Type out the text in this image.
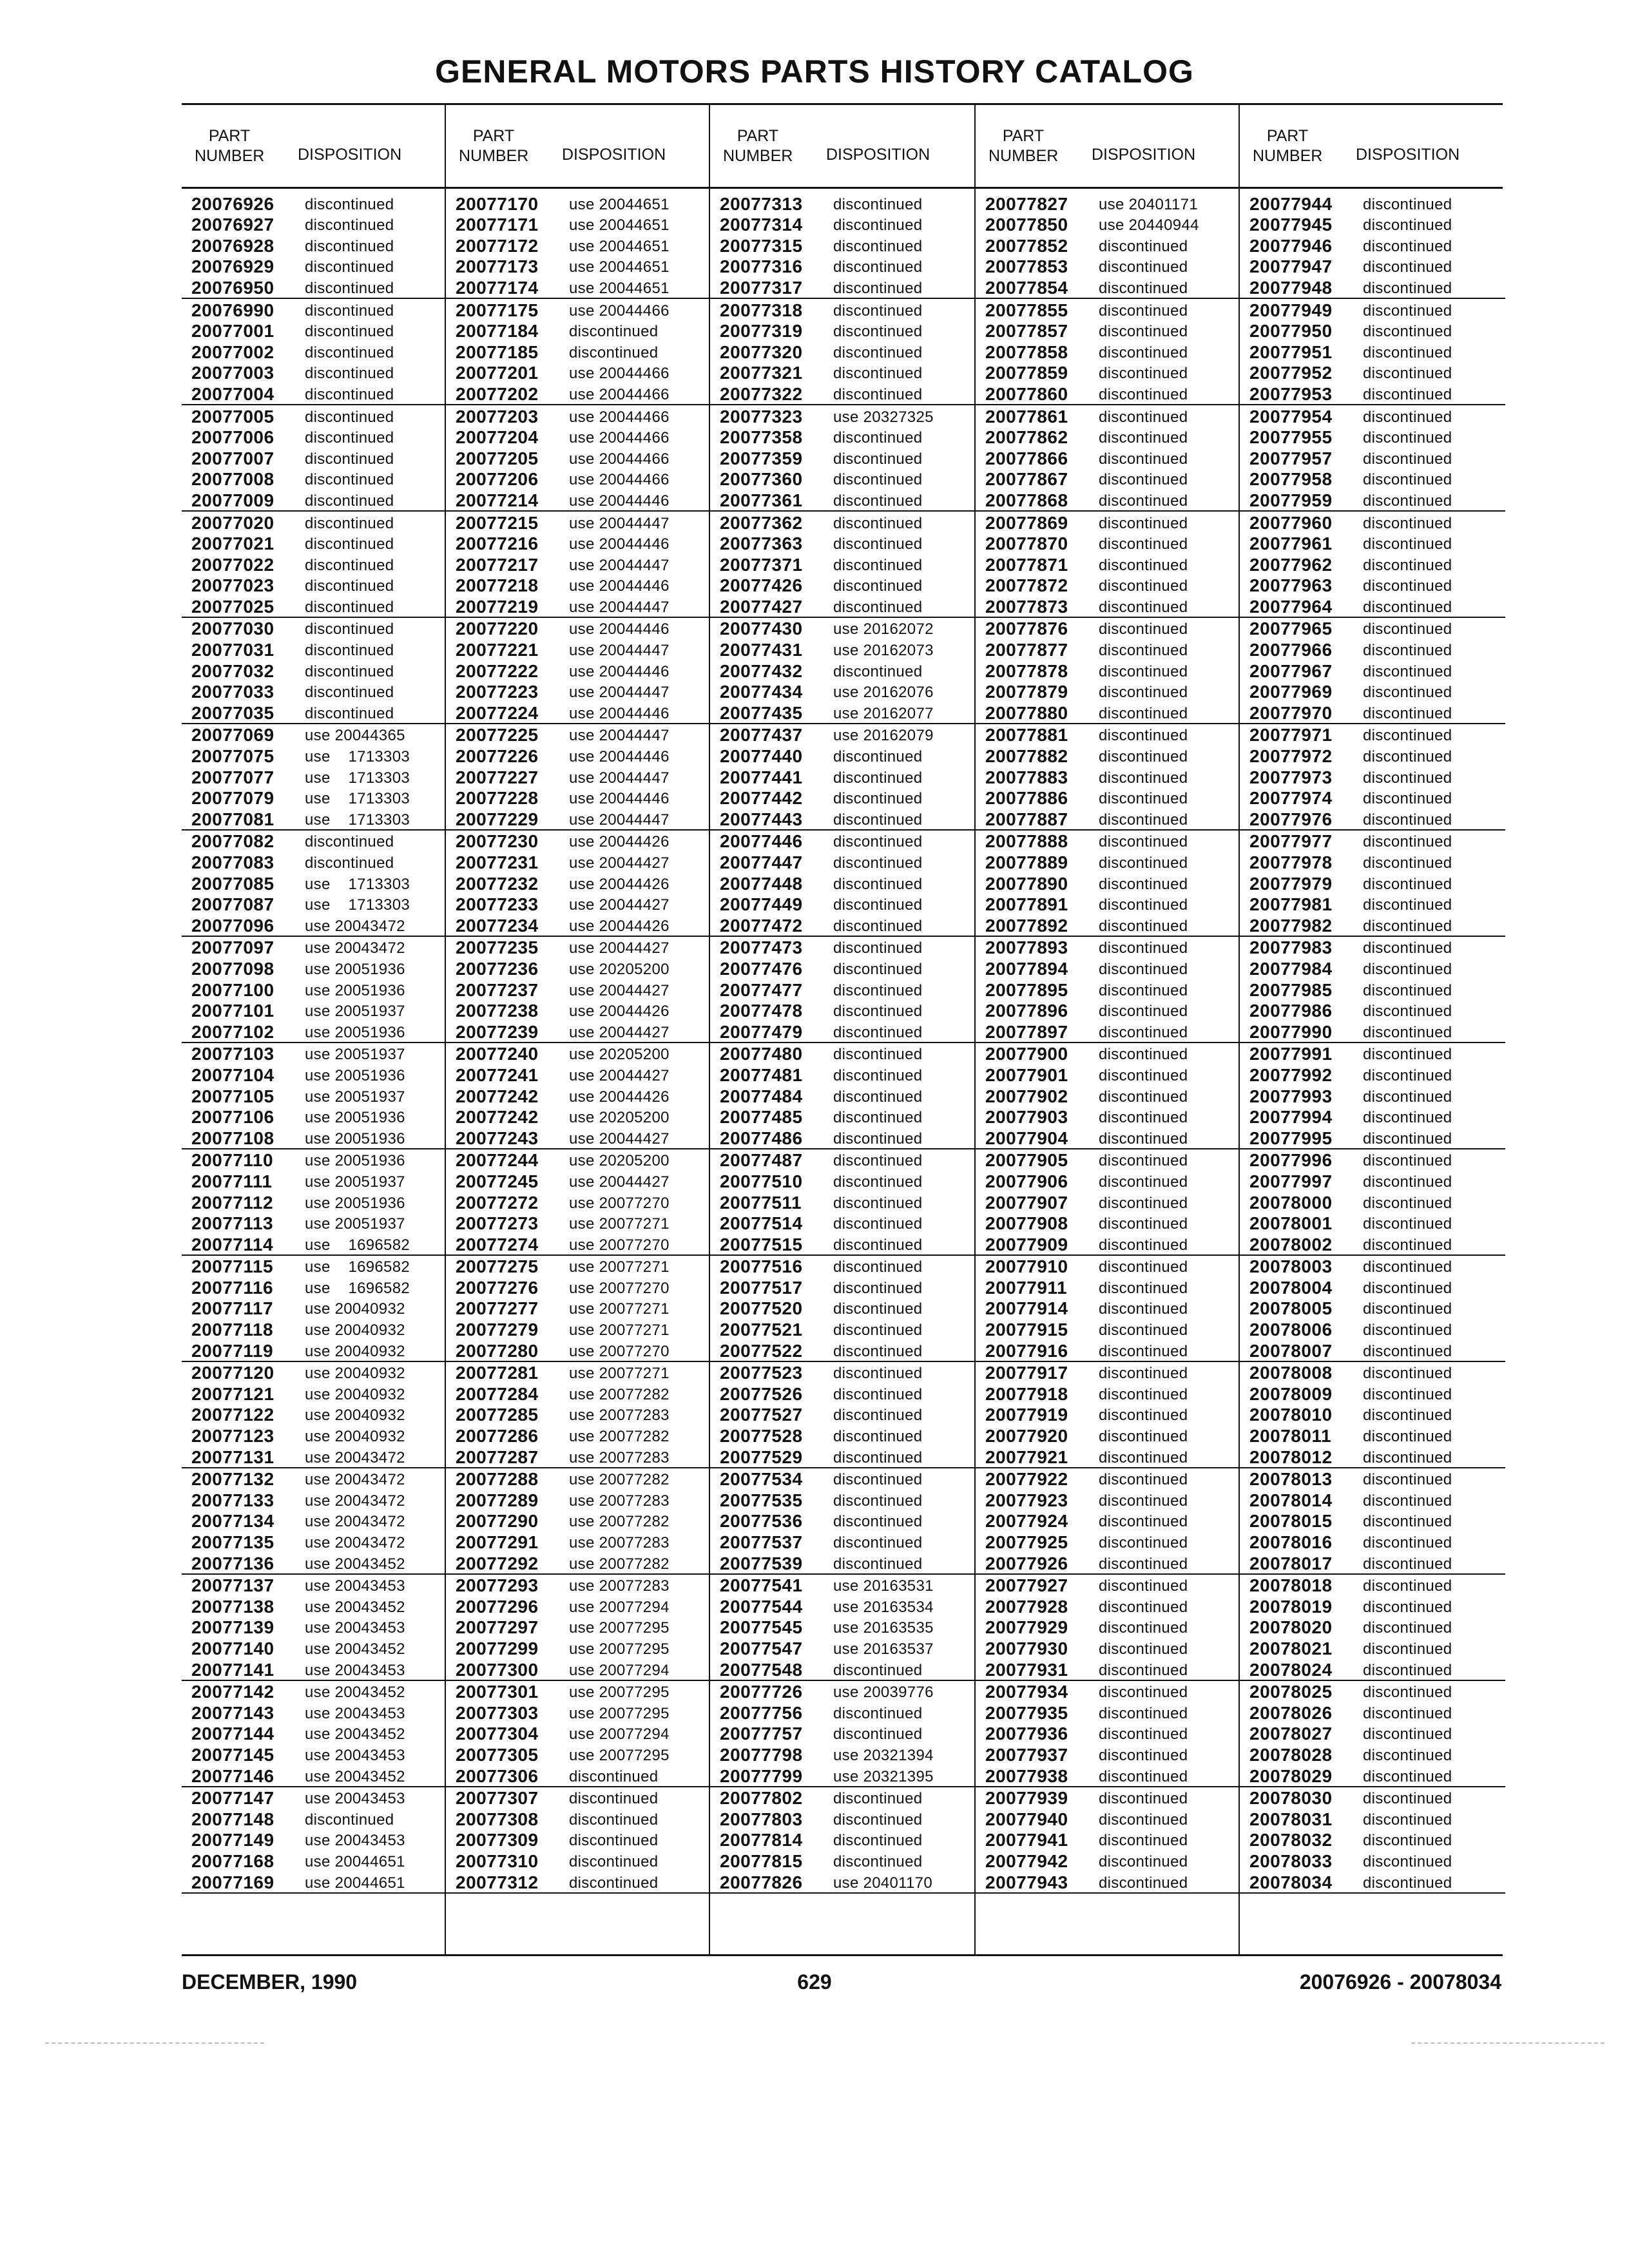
GENERAL MOTORS PARTS HISTORY CATALOG
PART
NUMBER DISPOSITION
20076926	discontinued
20076927	discontinued
20076928	discontinued
20076929	discontinued
20076950	discontinued
20076990	discontinued
20077001	discontinued
20077002	discontinued
20077003	discontinued
20077004	discontinued
20077005	discontinued
20077006	discontinued
20077007	discontinued
20077008	discontinued
20077009	discontinued
20077020	discontinued
20077021	discontinued
20077022	discontinued
20077023	discontinued
20077025	discontinued
20077030	discontinued
20077031	discontinued
20077032	discontinued
20077033	discontinued
20077035	discontinued
20077069	use 20044365
20077075	use    1713303
20077077	use    1713303
20077079	use    1713303
20077081	use    1713303
20077082	discontinued
20077083	discontinued
20077085	use    1713303
20077087	use    1713303
20077096	use 20043472
20077097	use 20043472
20077098	use 20051936
20077100	use 20051936
20077101	use 20051937
20077102	use 20051936
20077103	use 20051937
20077104	use 20051936
20077105	use 20051937
20077106	use 20051936
20077108	use 20051936
20077110	use 20051936
20077111	use 20051937
20077112	use 20051936
20077113	use 20051937
20077114	use    1696582
20077115	use    1696582
20077116	use    1696582
20077117	use 20040932
20077118	use 20040932
20077119	use 20040932
20077120	use 20040932
20077121	use 20040932
20077122	use 20040932
20077123	use 20040932
20077131	use 20043472
20077132	use 20043472
20077133	use 20043472
20077134	use 20043472
20077135	use 20043472
20077136	use 20043452
20077137	use 20043453
20077138	use 20043452
20077139	use 20043453
20077140	use 20043452
20077141	use 20043453
20077142	use 20043452
20077143	use 20043453
20077144	use 20043452
20077145	use 20043453
20077146	use 20043452
20077147	use 20043453
20077148	discontinued
20077149	use 20043453
20077168	use 20044651
20077169	use 20044651
PART
NUMBER DISPOSITION
20077170	use 20044651
20077171	use 20044651
20077172	use 20044651
20077173	use 20044651
20077174	use 20044651
20077175	use 20044466
20077184	discontinued
20077185	discontinued
20077201	use 20044466
20077202	use 20044466
20077203	use 20044466
20077204	use 20044466
20077205	use 20044466
20077206	use 20044466
20077214	use 20044446
20077215	use 20044447
20077216	use 20044446
20077217	use 20044447
20077218	use 20044446
20077219	use 20044447
20077220	use 20044446
20077221	use 20044447
20077222	use 20044446
20077223	use 20044447
20077224	use 20044446
20077225	use 20044447
20077226	use 20044446
20077227	use 20044447
20077228	use 20044446
20077229	use 20044447
20077230	use 20044426
20077231	use 20044427
20077232	use 20044426
20077233	use 20044427
20077234	use 20044426
20077235	use 20044427
20077236	use 20205200
20077237	use 20044427
20077238	use 20044426
20077239	use 20044427
20077240	use 20205200
20077241	use 20044427
20077242	use 20044426
20077242	use 20205200
20077243	use 20044427
20077244	use 20205200
20077245	use 20044427
20077272	use 20077270
20077273	use 20077271
20077274	use 20077270
20077275	use 20077271
20077276	use 20077270
20077277	use 20077271
20077279	use 20077271
20077280	use 20077270
20077281	use 20077271
20077284	use 20077282
20077285	use 20077283
20077286	use 20077282
20077287	use 20077283
20077288	use 20077282
20077289	use 20077283
20077290	use 20077282
20077291	use 20077283
20077292	use 20077282
20077293	use 20077283
20077296	use 20077294
20077297	use 20077295
20077299	use 20077295
20077300	use 20077294
20077301	use 20077295
20077303	use 20077295
20077304	use 20077294
20077305	use 20077295
20077306	discontinued
20077307	discontinued
20077308	discontinued
20077309	discontinued
20077310	discontinued
20077312	discontinued
PART
NUMBER DISPOSITION
20077313	discontinued
20077314	discontinued
20077315	discontinued
20077316	discontinued
20077317	discontinued
20077318	discontinued
20077319	discontinued
20077320	discontinued
20077321	discontinued
20077322	discontinued
20077323	use 20327325
20077358	discontinued
20077359	discontinued
20077360	discontinued
20077361	discontinued
20077362	discontinued
20077363	discontinued
20077371	discontinued
20077426	discontinued
20077427	discontinued
20077430	use 20162072
20077431	use 20162073
20077432	discontinued
20077434	use 20162076
20077435	use 20162077
20077437	use 20162079
20077440	discontinued
20077441	discontinued
20077442	discontinued
20077443	discontinued
20077446	discontinued
20077447	discontinued
20077448	discontinued
20077449	discontinued
20077472	discontinued
20077473	discontinued
20077476	discontinued
20077477	discontinued
20077478	discontinued
20077479	discontinued
20077480	discontinued
20077481	discontinued
20077484	discontinued
20077485	discontinued
20077486	discontinued
20077487	discontinued
20077510	discontinued
20077511	discontinued
20077514	discontinued
20077515	discontinued
20077516	discontinued
20077517	discontinued
20077520	discontinued
20077521	discontinued
20077522	discontinued
20077523	discontinued
20077526	discontinued
20077527	discontinued
20077528	discontinued
20077529	discontinued
20077534	discontinued
20077535	discontinued
20077536	discontinued
20077537	discontinued
20077539	discontinued
20077541	use 20163531
20077544	use 20163534
20077545	use 20163535
20077547	use 20163537
20077548	discontinued
20077726	use 20039776
20077756	discontinued
20077757	discontinued
20077798	use 20321394
20077799	use 20321395
20077802	discontinued
20077803	discontinued
20077814	discontinued
20077815	discontinued
20077826	use 20401170
PART
NUMBER DISPOSITION
20077827	use 20401171
20077850	use 20440944
20077852	discontinued
20077853	discontinued
20077854	discontinued
20077855	discontinued
20077857	discontinued
20077858	discontinued
20077859	discontinued
20077860	discontinued
20077861	discontinued
20077862	discontinued
20077866	discontinued
20077867	discontinued
20077868	discontinued
20077869	discontinued
20077870	discontinued
20077871	discontinued
20077872	discontinued
20077873	discontinued
20077876	discontinued
20077877	discontinued
20077878	discontinued
20077879	discontinued
20077880	discontinued
20077881	discontinued
20077882	discontinued
20077883	discontinued
20077886	discontinued
20077887	discontinued
20077888	discontinued
20077889	discontinued
20077890	discontinued
20077891	discontinued
20077892	discontinued
20077893	discontinued
20077894	discontinued
20077895	discontinued
20077896	discontinued
20077897	discontinued
20077900	discontinued
20077901	discontinued
20077902	discontinued
20077903	discontinued
20077904	discontinued
20077905	discontinued
20077906	discontinued
20077907	discontinued
20077908	discontinued
20077909	discontinued
20077910	discontinued
20077911	discontinued
20077914	discontinued
20077915	discontinued
20077916	discontinued
20077917	discontinued
20077918	discontinued
20077919	discontinued
20077920	discontinued
20077921	discontinued
20077922	discontinued
20077923	discontinued
20077924	discontinued
20077925	discontinued
20077926	discontinued
20077927	discontinued
20077928	discontinued
20077929	discontinued
20077930	discontinued
20077931	discontinued
20077934	discontinued
20077935	discontinued
20077936	discontinued
20077937	discontinued
20077938	discontinued
20077939	discontinued
20077940	discontinued
20077941	discontinued
20077942	discontinued
20077943	discontinued
PART
NUMBER DISPOSITION
20077944	discontinued
20077945	discontinued
20077946	discontinued
20077947	discontinued
20077948	discontinued
20077949	discontinued
20077950	discontinued
20077951	discontinued
20077952	discontinued
20077953	discontinued
20077954	discontinued
20077955	discontinued
20077957	discontinued
20077958	discontinued
20077959	discontinued
20077960	discontinued
20077961	discontinued
20077962	discontinued
20077963	discontinued
20077964	discontinued
20077965	discontinued
20077966	discontinued
20077967	discontinued
20077969	discontinued
20077970	discontinued
20077971	discontinued
20077972	discontinued
20077973	discontinued
20077974	discontinued
20077976	discontinued
20077977	discontinued
20077978	discontinued
20077979	discontinued
20077981	discontinued
20077982	discontinued
20077983	discontinued
20077984	discontinued
20077985	discontinued
20077986	discontinued
20077990	discontinued
20077991	discontinued
20077992	discontinued
20077993	discontinued
20077994	discontinued
20077995	discontinued
20077996	discontinued
20077997	discontinued
20078000	discontinued
20078001	discontinued
20078002	discontinued
20078003	discontinued
20078004	discontinued
20078005	discontinued
20078006	discontinued
20078007	discontinued
20078008	discontinued
20078009	discontinued
20078010	discontinued
20078011	discontinued
20078012	discontinued
20078013	discontinued
20078014	discontinued
20078015	discontinued
20078016	discontinued
20078017	discontinued
20078018	discontinued
20078019	discontinued
20078020	discontinued
20078021	discontinued
20078024	discontinued
20078025	discontinued
20078026	discontinued
20078027	discontinued
20078028	discontinued
20078029	discontinued
20078030	discontinued
20078031	discontinued
20078032	discontinued
20078033	discontinued
20078034	discontinued
DECEMBER, 1990	629	20076926 - 20078034
